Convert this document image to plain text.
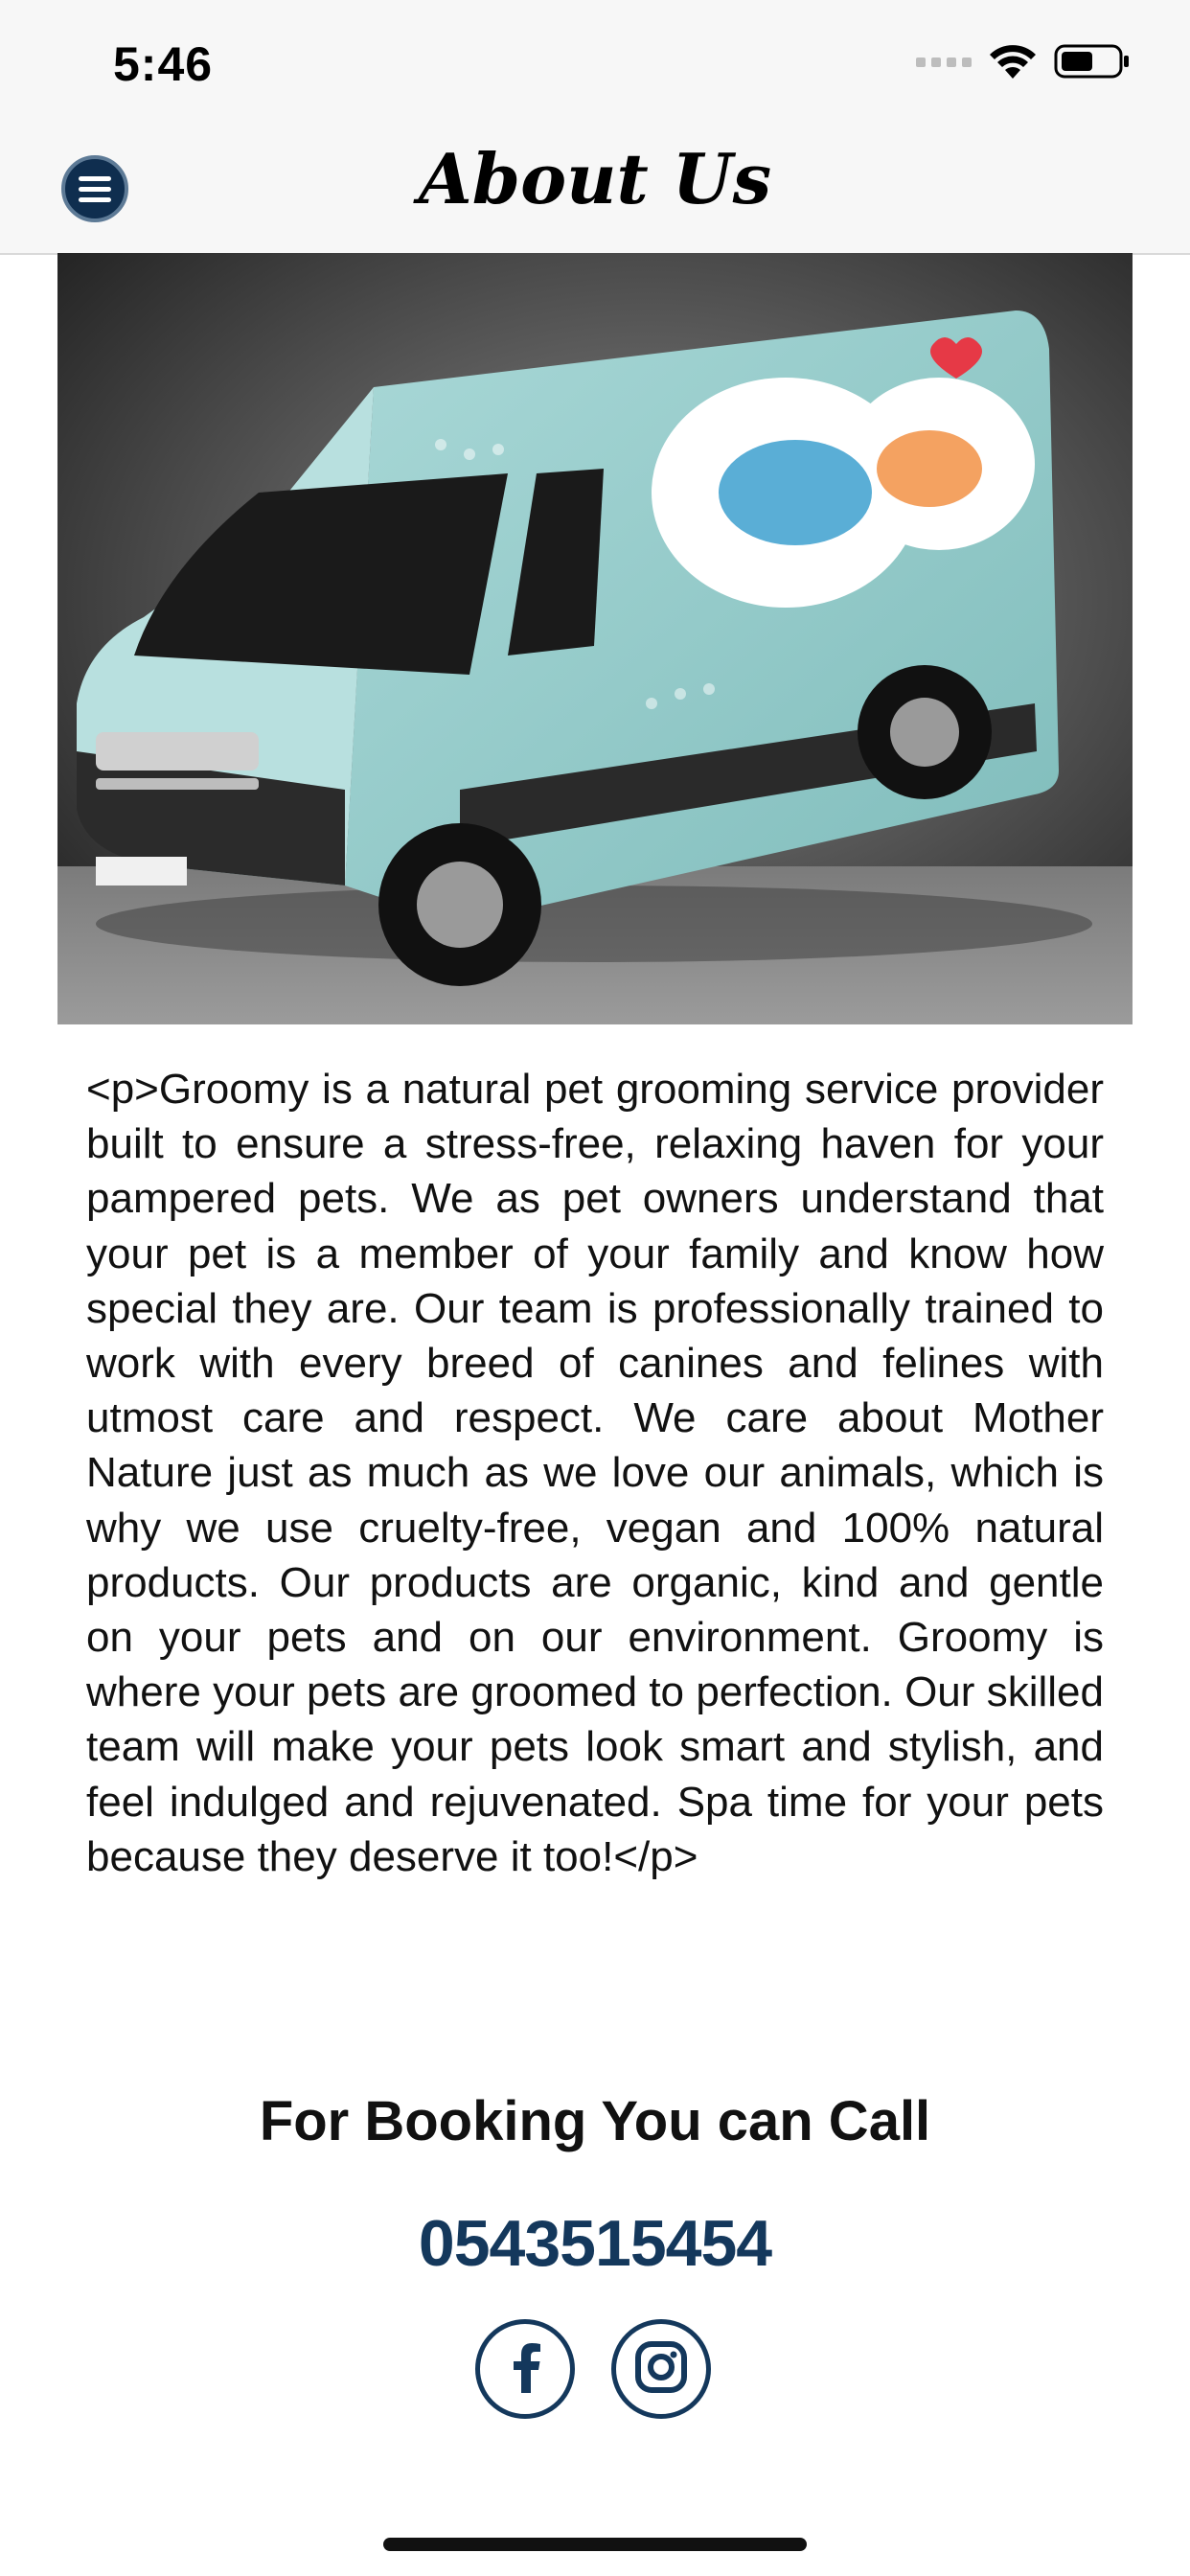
5:46
About Us

<p>Groomy is a natural pet grooming service provider built to ensure a stress-free, relaxing haven for your pampered pets. We as pet owners understand that your pet is a member of your family and know how special they are. Our team is professionally trained to work with every breed of canines and felines with utmost care and respect. We care about Mother Nature just as much as we love our animals, which is why we use cruelty-free, vegan and 100% natural products. Our products are organic, kind and gentle on your pets and on our environment. Groomy is where your pets are groomed to perfection. Our skilled team will make your pets look smart and stylish, and feel indulged and rejuvenated. Spa time for your pets because they deserve it too!</p>

For Booking You can Call
0543515454
